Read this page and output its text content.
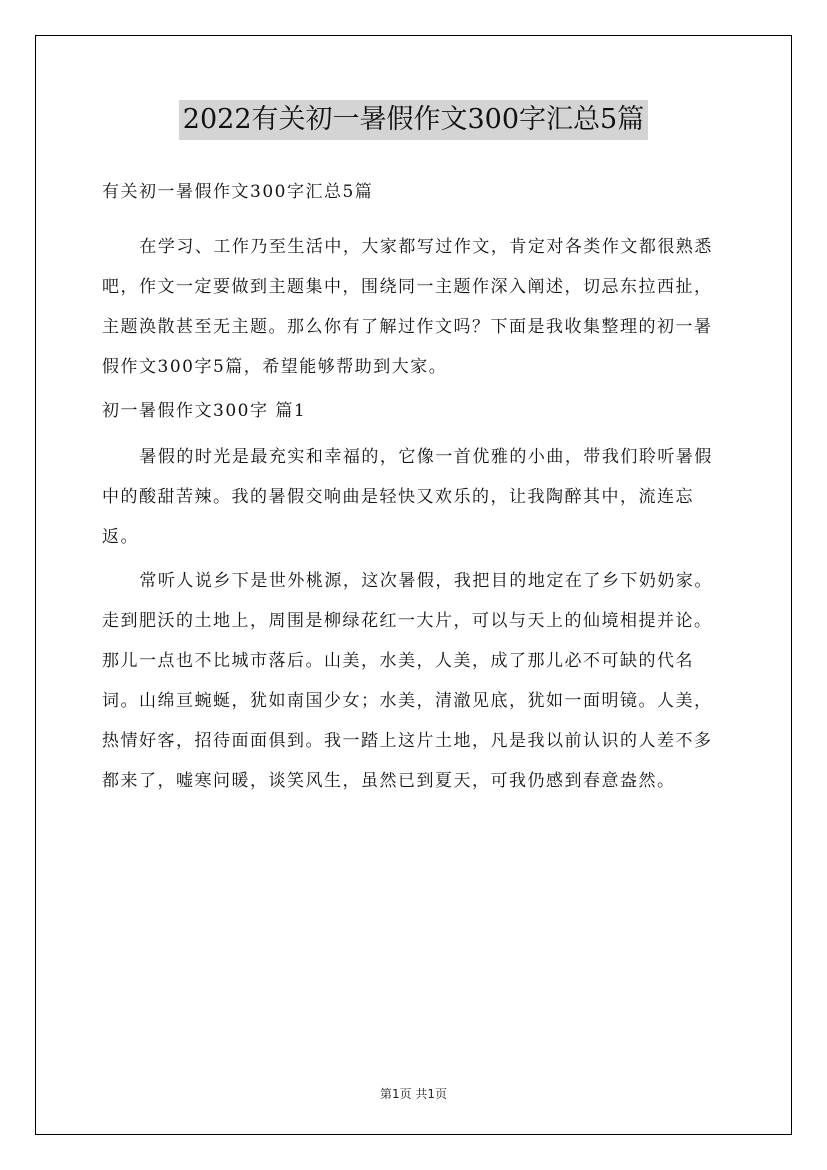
2022有关初一暑假作文300字汇总5篇

有关初一暑假作文300字汇总5篇

在学习、工作乃至生活中，大家都写过作文，肯定对各类作文都很熟悉吧，作文一定要做到主题集中，围绕同一主题作深入阐述，切忌东拉西扯，主题涣散甚至无主题。那么你有了解过作文吗？下面是我收集整理的初一暑假作文300字5篇，希望能够帮助到大家。

初一暑假作文300字 篇1

暑假的时光是最充实和幸福的，它像一首优雅的小曲，带我们聆听暑假中的酸甜苦辣。我的暑假交响曲是轻快又欢乐的，让我陶醉其中，流连忘返。

常听人说乡下是世外桃源，这次暑假，我把目的地定在了乡下奶奶家。走到肥沃的土地上，周围是柳绿花红一大片，可以与天上的仙境相提并论。那儿一点也不比城市落后。山美，水美，人美，成了那儿必不可缺的代名词。山绵亘蜿蜒，犹如南国少女；水美，清澈见底，犹如一面明镜。人美，热情好客，招待面面俱到。我一踏上这片土地，凡是我以前认识的人差不多都来了，嘘寒问暖，谈笑风生，虽然已到夏天，可我仍感到春意盎然。

第1页 共1页
